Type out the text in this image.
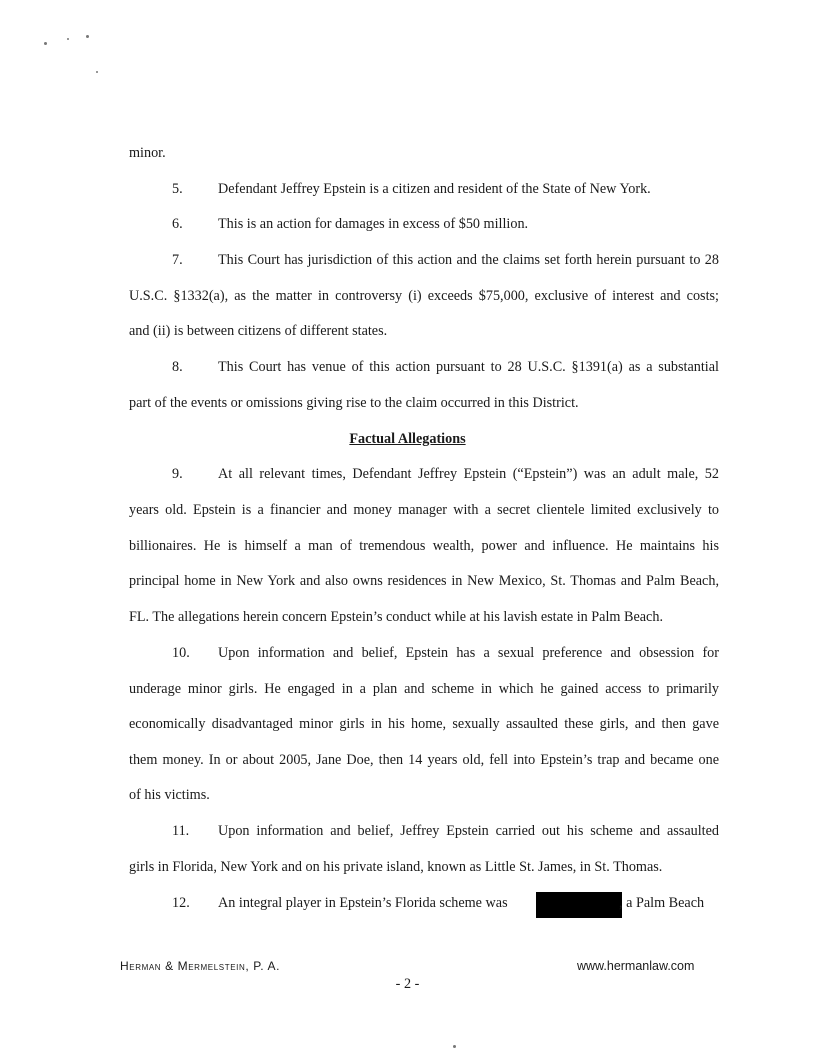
minor.
5. Defendant Jeffrey Epstein is a citizen and resident of the State of New York.
6. This is an action for damages in excess of $50 million.
7. This Court has jurisdiction of this action and the claims set forth herein pursuant to 28
U.S.C. §1332(a), as the matter in controversy (i) exceeds $75,000, exclusive of interest and costs;
and (ii) is between citizens of different states.
8. This Court has venue of this action pursuant to 28 U.S.C. §1391(a) as a substantial
part of the events or omissions giving rise to the claim occurred in this District.
Factual Allegations
9. At all relevant times, Defendant Jeffrey Epstein (“Epstein”) was an adult male, 52
years old. Epstein is a financier and money manager with a secret clientele limited exclusively to
billionaires. He is himself a man of tremendous wealth, power and influence. He maintains his
principal home in New York and also owns residences in New Mexico, St. Thomas and Palm Beach,
FL. The allegations herein concern Epstein’s conduct while at his lavish estate in Palm Beach.
10. Upon information and belief, Epstein has a sexual preference and obsession for
underage minor girls. He engaged in a plan and scheme in which he gained access to primarily
economically disadvantaged minor girls in his home, sexually assaulted these girls, and then gave
them money. In or about 2005, Jane Doe, then 14 years old, fell into Epstein’s trap and became one
of his victims.
11. Upon information and belief, Jeffrey Epstein carried out his scheme and assaulted
girls in Florida, New York and on his private island, known as Little St. James, in St. Thomas.
12. An integral player in Epstein’s Florida scheme was	, a Palm Beach
Herman & Mermelstein, P. A.	www.hermanlaw.com
- 2 -
